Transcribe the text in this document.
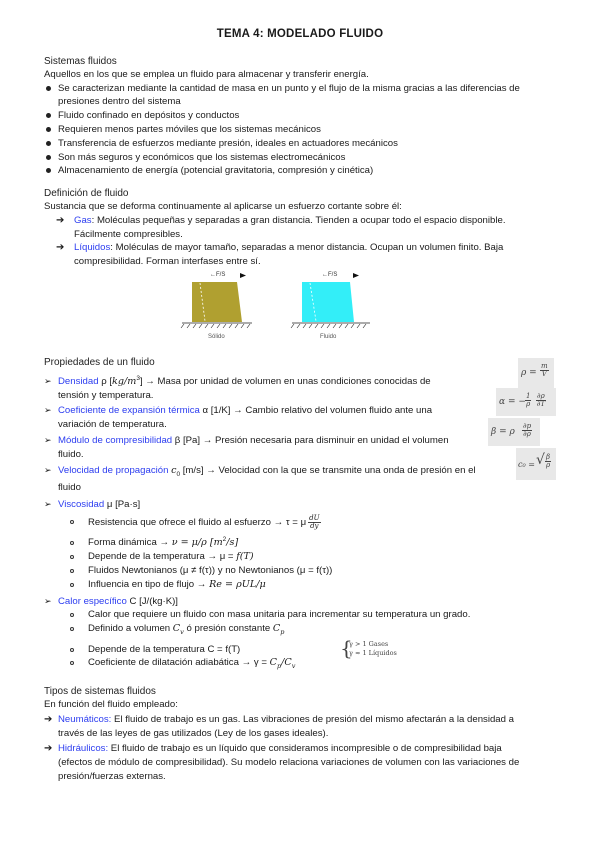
TEMA 4: MODELADO FLUIDO
Sistemas fluidos
Aquellos en los que se emplea un fluido para almacenar y transferir energía.
Se caracterizan mediante la cantidad de masa en un punto y el flujo de la misma gracias a las diferencias de
presiones dentro del sistema
Fluido confinado en depósitos y conductos
Requieren menos partes móviles que los sistemas mecánicos
Transferencia de esfuerzos mediante presión, ideales en actuadores mecánicos
Son más seguros y económicos que los sistemas electromecánicos
Almacenamiento de energía (potencial gravitatoria, compresión y cinética)
Definición de fluido
Sustancia que se deforma continuamente al aplicarse un esfuerzo cortante sobre él:
➔ Gas: Moléculas pequeñas y separadas a gran distancia. Tienden a ocupar todo el espacio disponible.
Fácilmente compresibles.
➔ Líquidos: Moléculas de mayor tamaño, separadas a menor distancia. Ocupan un volumen finito. Baja
compresibilidad. Forman interfases entre sí.
←F/S
Sólido
←F/S
Fluido
Propiedades de un fluido
$\rho = \frac{m}{V}$
α = − $\frac{1}{\rho} \frac{\partial\rho}{\partial T}$
β = ρ $\frac{\partial p}{\partial\rho}$
c₀ = √ $\frac{\beta}{\rho}$
➢ Densidad ρ $[kg/m^3]$ → Masa por unidad de volumen en unas condiciones conocidas de
tensión y temperatura.
➢ Coeficiente de expansión térmica α [1/K] → Cambio relativo del volumen fluido ante una
variación de temperatura.
➢ Módulo de compresibilidad β [Pa] → Presión necesaria para disminuir en unidad el volumen
fluido.
➢ Velocidad de propagación $c_0$ [m/s] → Velocidad con la que se transmite una onda de presión en el
fluido
➢ Viscosidad μ [Pa·s]
Resistencia que ofrece el fluido al esfuerzo → τ = μ $\frac{dU}{dy}$
Forma dinámica → ν = μ/ρ $[m^2/s]$
Depende de la temperatura → μ = f(T)
Fluidos Newtonianos (μ ≠ f(τ)) y no Newtonianos (μ = f(τ))
Influencia en tipo de flujo → Re = ρUL/μ
➢ Calor específico C [J/(kg·K)]
Calor que requiere un fluido con masa unitaria para incrementar su temperatura un grado.
Definido a volumen $C_v$ ó presión constante $C_p$
Depende de la temperatura C = f(T)
Coeficiente de dilatación adiabática → $\gamma = C_p/C_v$
{
γ > 1 Gases
γ ≈ 1 Líquidos
Tipos de sistemas fluidos
En función del fluido empleado:
➔ Neumáticos: El fluido de trabajo es un gas. Las vibraciones de presión del mismo afectarán a la densidad a
través de las leyes de gas utilizados (Ley de los gases ideales).
➔ Hidráulicos: El fluido de trabajo es un líquido que consideramos incompresible o de compresibilidad baja
(efectos de módulo de compresibilidad). Su modelo relaciona variaciones de volumen con las variaciones de
presión/fuerzas externas.
